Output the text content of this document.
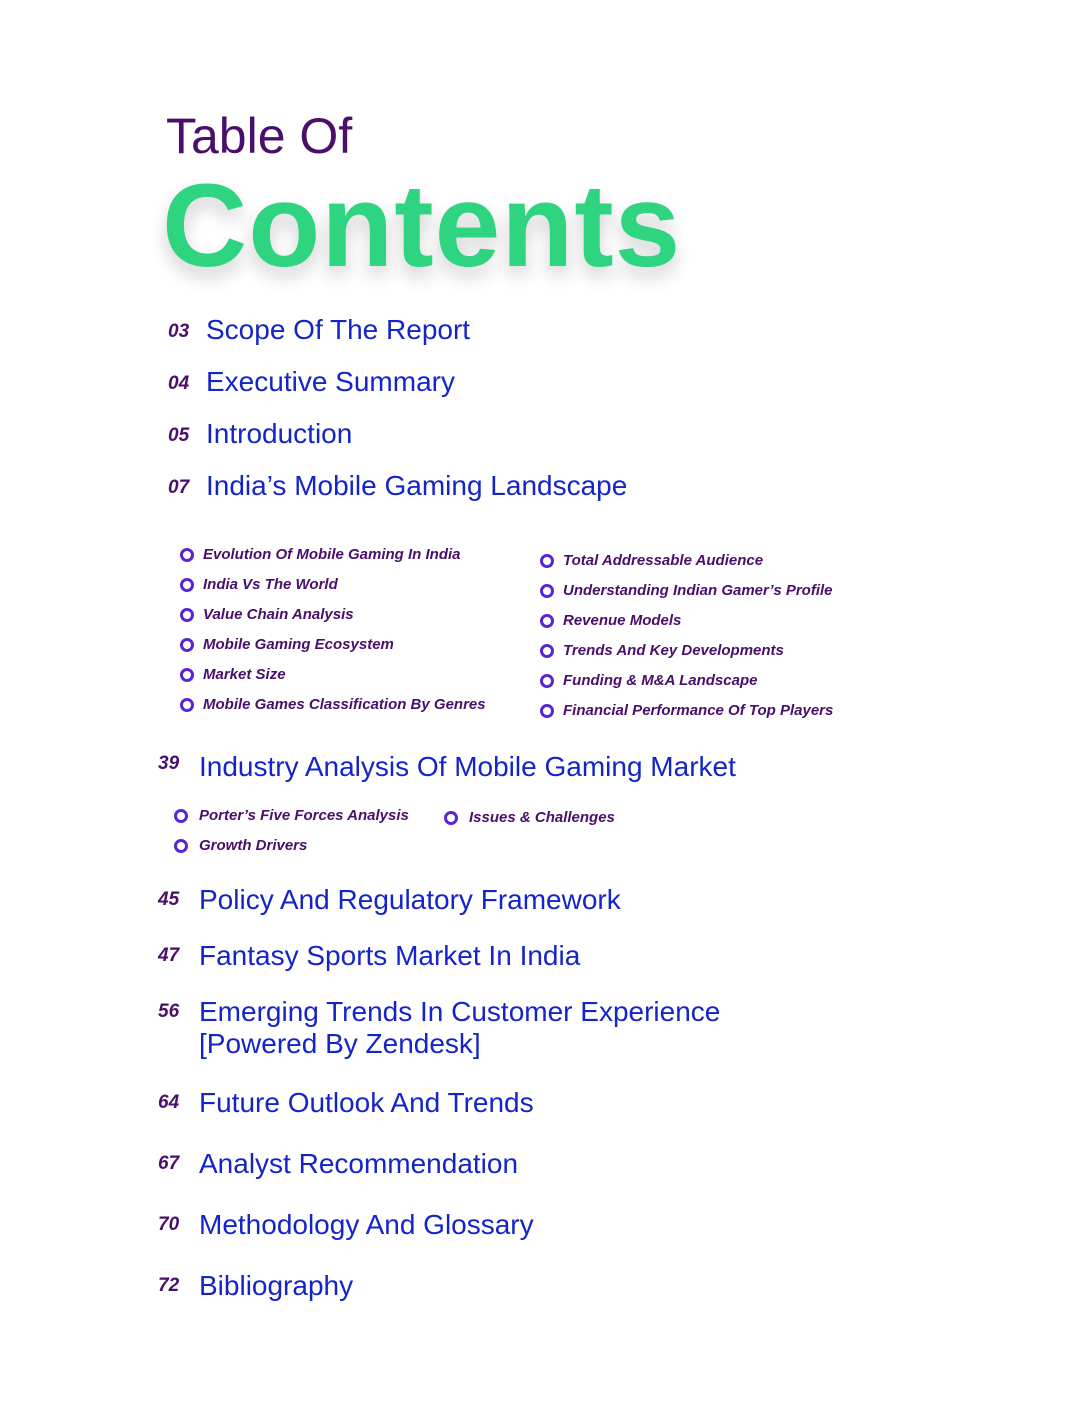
Table Of
Contents
03 Scope Of The Report
04 Executive Summary
05 Introduction
07 India’s Mobile Gaming Landscape
Evolution Of Mobile Gaming In India
India Vs The World
Value Chain Analysis
Mobile Gaming Ecosystem
Market Size
Mobile Games Classification By Genres
Total Addressable Audience
Understanding Indian Gamer’s Profile
Revenue Models
Trends And Key Developments
Funding & M&A Landscape
Financial Performance Of Top Players
39 Industry Analysis Of Mobile Gaming Market
Porter’s Five Forces Analysis
Growth Drivers
Issues & Challenges
45 Policy And Regulatory Framework
47 Fantasy Sports Market In India
56 Emerging Trends In Customer Experience
[Powered By Zendesk]
64 Future Outlook And Trends
67 Analyst Recommendation
70 Methodology And Glossary
72 Bibliography
